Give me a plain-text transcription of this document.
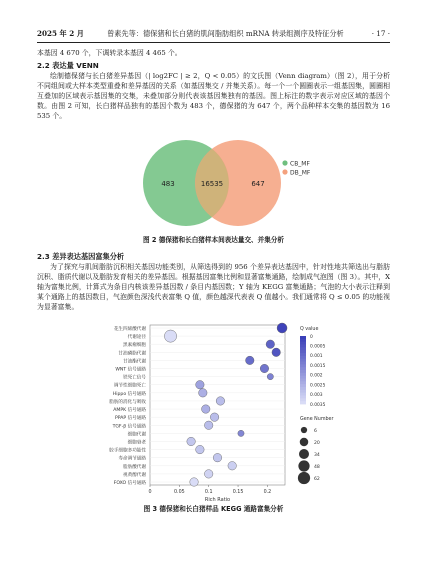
2025 年 2 月	曾素先等：德保猪和长白猪的肌间脂肪组织 mRNA 转录组测序及特征分析	· 17 ·

本基因 4 670 个，下调转录本基因 4 465 个。

2.2 表达量 VENN

绘制德保猪与长白猪差异基因（| log2FC | ≥ 2，Q < 0.05）的文氏图（Venn diagram）（图 2），用于分析不同组间或大样本类型重叠和差异基因的关系（如基因集交 / 并集关系）。每一个一个圆圈表示一组基因集，圆圈相互叠加的区域表示基因集的交集，未叠加部分则代表该基因集独有的基因。图上标注的数字表示对应区域的基因个数。由图 2 可知，长白猪样品独有的基因个数为 483 个，德保猪的为 647 个，两个品种样本交集的基因数为 16 535 个。

483	16535	647
CB_MF
DB_MF
图 2 德保猪和长白猪样本间表达量交、并集分析
2.3 差异表达基因富集分析

为了探究与肌间脂肪沉积相关基因功能类别，从筛选得到的 956 个差异表达基因中，针对性地共筛选出与脂肪沉积、脂质代谢以及脂肪发育相关的差异基因。根据基因富集比例和显著富集通路，绘制成气泡图（图 3）。其中，X 轴为富集比例，计算式为条目内核该差异基因数 / 条目内基因数；Y 轴为 KEGG 富集通路；气泡的大小表示注释到某个通路上的基因数目，气泡颜色深浅代表富集 Q 值，颜色越深代表表 Q 值越小。我们通常将 Q ≤ 0.05 的功能视为显著富集。

花生四烯酸代谢
代谢途径
黑素瘤细胞
甘油磷脂代谢
甘油酯代谢
WNT 信号通路
铁死亡信号
调节性细胞死亡
Hippo 信号通路
脂肪的消化与吸收
AMPK 信号通路
PPAP 信号通路
TGF-β 信号通路
细胞代谢
细胞衰老
胶手细胞多功能性
寿命调节通路
脂肪酸代谢
视黄醇代谢
FOXO 信号通路
0	0.05	0.1	0.15	0.2
Rich Ratio
Q value
0
0.0005
0.001
0.0015
0.002
0.0025
0.003
0.0035
Gene Number
6
20
34
48
62
图 3 德保猪和长白猪样品 KEGG 通路富集分析
